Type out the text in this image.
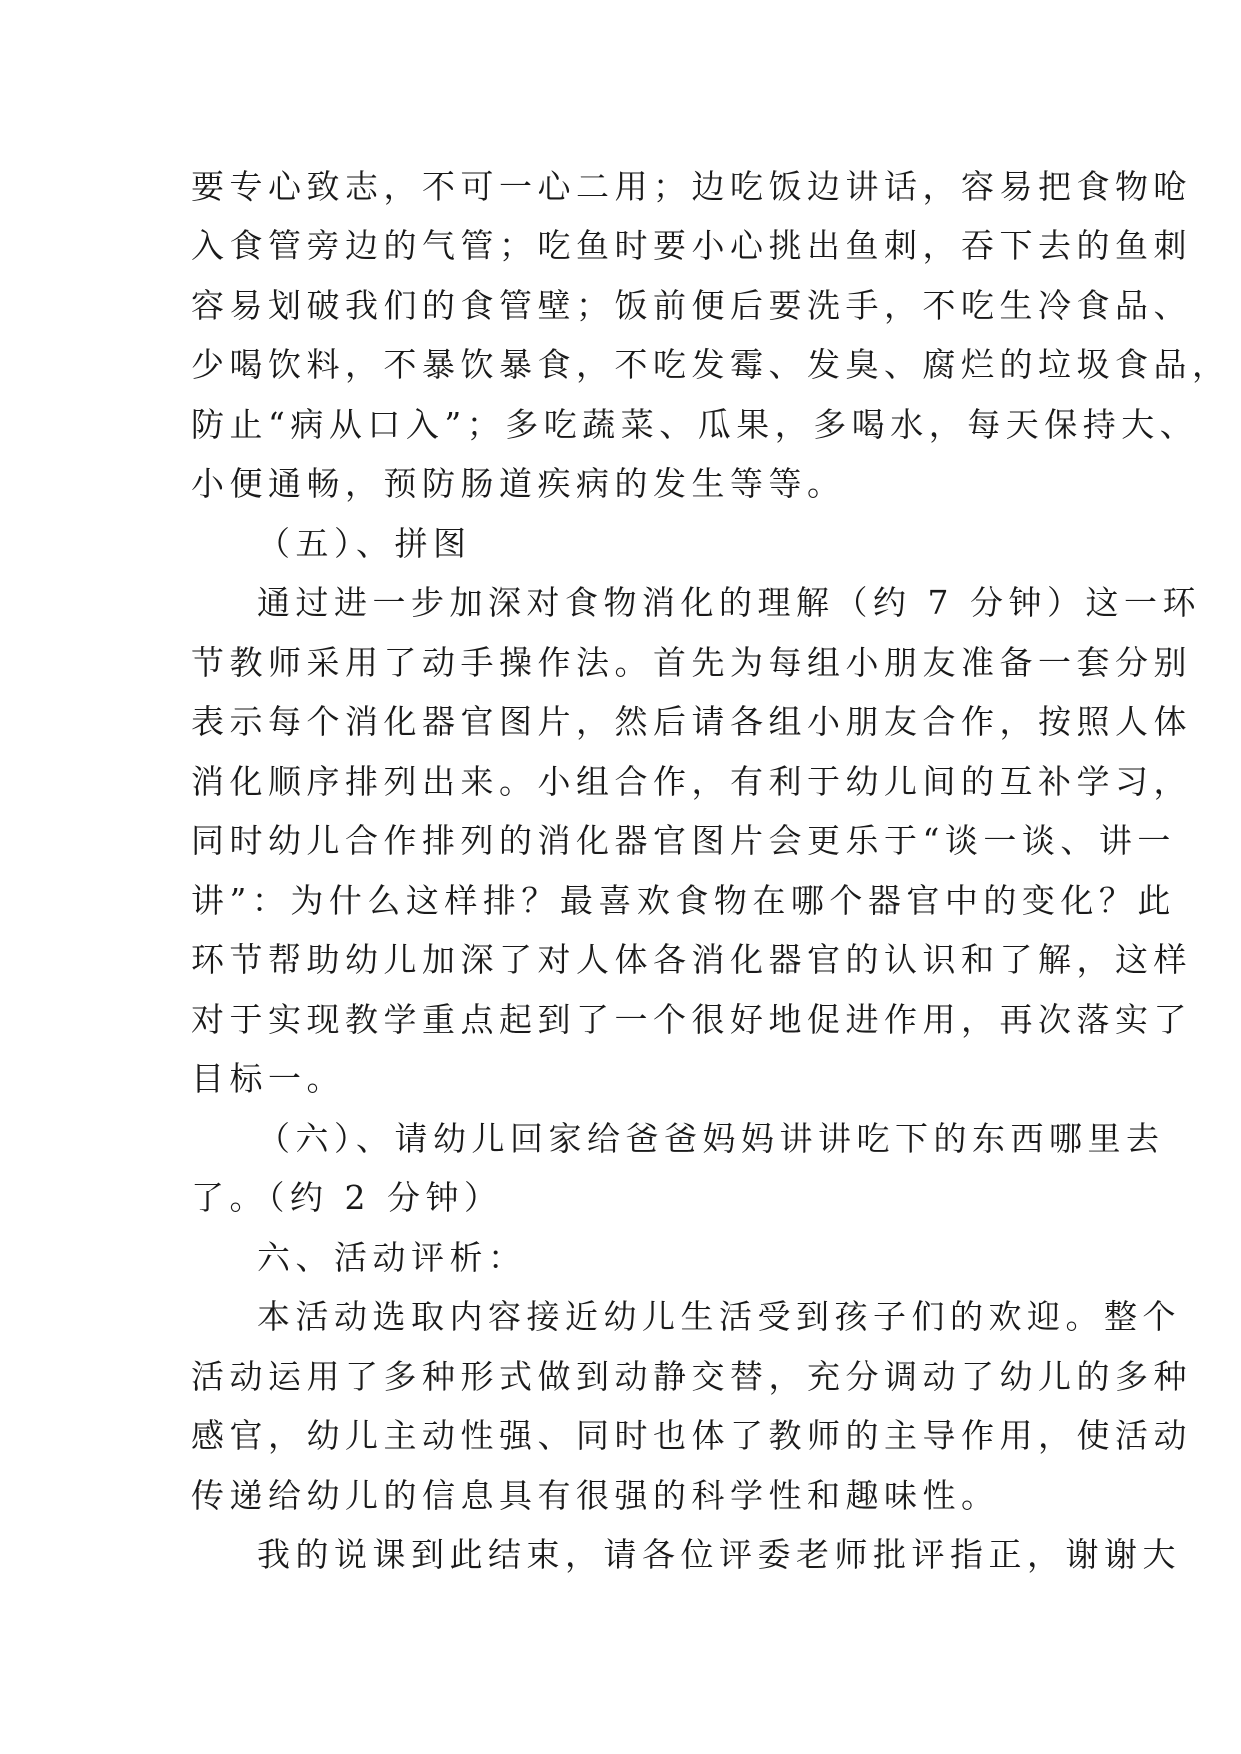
要专心致志，不可一心二用；边吃饭边讲话，容易把食物呛
入食管旁边的气管；吃鱼时要小心挑出鱼刺，吞下去的鱼刺
容易划破我们的食管壁；饭前便后要洗手，不吃生冷食品、
少喝饮料，不暴饮暴食，不吃发霉、发臭、腐烂的垃圾食品，
防止“病从口入”；多吃蔬菜、瓜果，多喝水，每天保持大、
小便通畅，预防肠道疾病的发生等等。
（五）、拼图
通过进一步加深对食物消化的理解（约 7 分钟）这一环
节教师采用了动手操作法。首先为每组小朋友准备一套分别
表示每个消化器官图片，然后请各组小朋友合作，按照人体
消化顺序排列出来。小组合作，有利于幼儿间的互补学习，
同时幼儿合作排列的消化器官图片会更乐于“谈一谈、讲一
讲”：为什么这样排？最喜欢食物在哪个器官中的变化？此
环节帮助幼儿加深了对人体各消化器官的认识和了解，这样
对于实现教学重点起到了一个很好地促进作用，再次落实了
目标一。
（六）、请幼儿回家给爸爸妈妈讲讲吃下的东西哪里去
了。（约 2 分钟）
六、活动评析：
本活动选取内容接近幼儿生活受到孩子们的欢迎。整个
活动运用了多种形式做到动静交替，充分调动了幼儿的多种
感官，幼儿主动性强、同时也体了教师的主导作用，使活动
传递给幼儿的信息具有很强的科学性和趣味性。
我的说课到此结束，请各位评委老师批评指正，谢谢大
